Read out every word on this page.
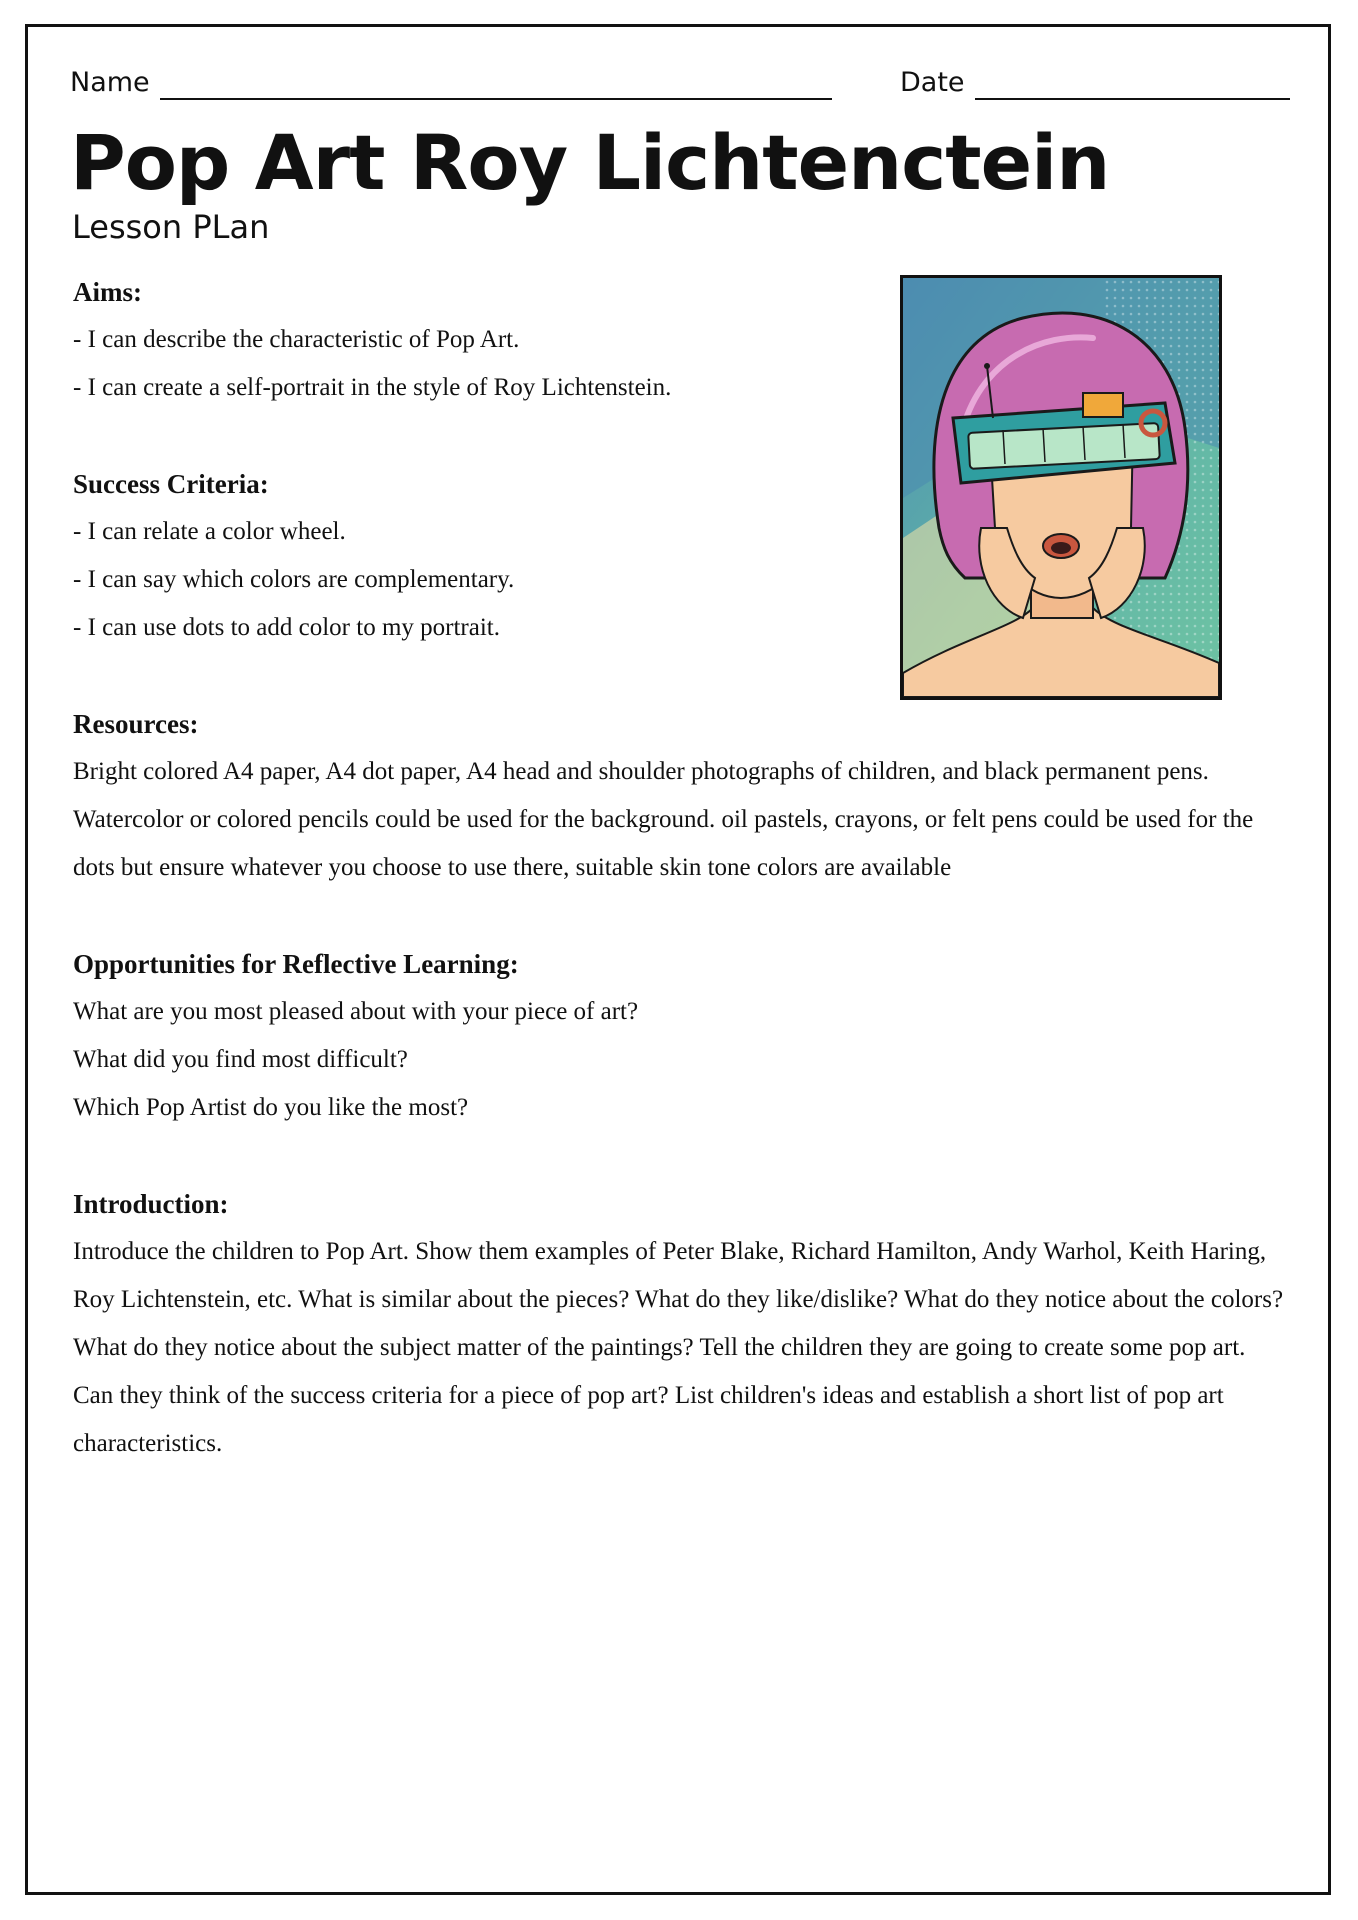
Name	Date
Pop Art Roy Lichtenctein
Lesson PLan
Aims:

- I can describe the characteristic of Pop Art.
- I can create a self-portrait in the style of Roy Lichtenstein.

Success Criteria:

- I can relate a color wheel.
- I can say which colors are complementary.
- I can use dots to add color to my portrait.

Resources:

Bright colored A4 paper, A4 dot paper, A4 head and shoulder photographs of children, and black permanent pens. Watercolor or colored pencils could be used for the background. oil pastels, crayons, or felt pens could be used for the dots but ensure whatever you choose to use there, suitable skin tone colors are available

Opportunities for Reflective Learning:

What are you most pleased about with your piece of art?
What did you find most difficult?
Which Pop Artist do you like the most?

Introduction:

Introduce the children to Pop Art. Show them examples of Peter Blake, Richard Hamilton, Andy Warhol, Keith Haring, Roy Lichtenstein, etc. What is similar about the pieces? What do they like/dislike? What do they notice about the colors? What do they notice about the subject matter of the paintings? Tell the children they are going to create some pop art. Can they think of the success criteria for a piece of pop art? List children's ideas and establish a short list of pop art characteristics.
